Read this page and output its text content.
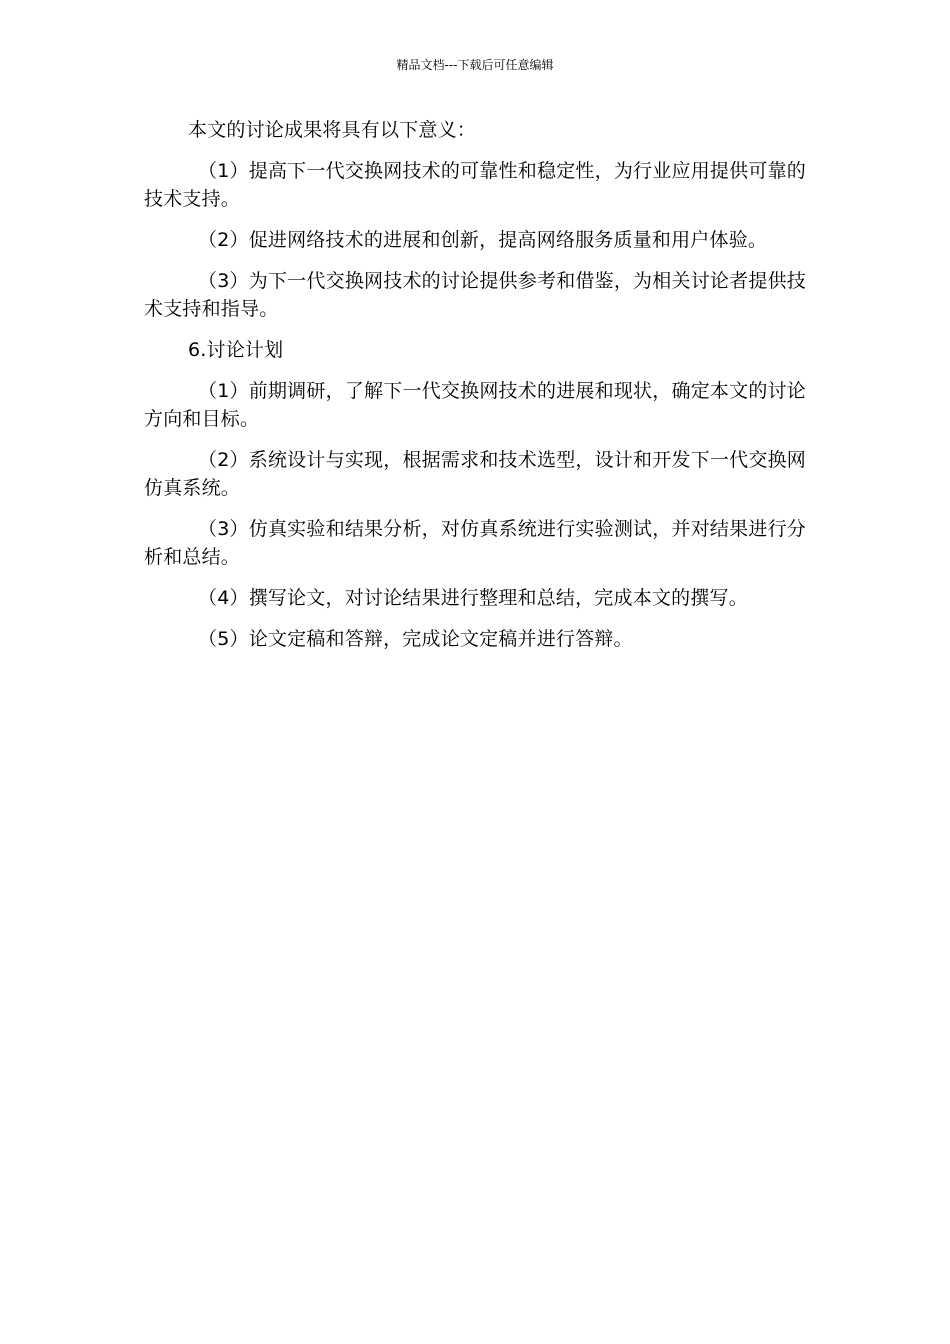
精品文档---下载后可任意编辑

本文的讨论成果将具有以下意义：

（1）提高下一代交换网技术的可靠性和稳定性，为行业应用提供可靠的技术支持。

（2）促进网络技术的进展和创新，提高网络服务质量和用户体验。

（3）为下一代交换网技术的讨论提供参考和借鉴，为相关讨论者提供技术支持和指导。

6.讨论计划

（1）前期调研，了解下一代交换网技术的进展和现状，确定本文的讨论方向和目标。

（2）系统设计与实现，根据需求和技术选型，设计和开发下一代交换网仿真系统。

（3）仿真实验和结果分析，对仿真系统进行实验测试，并对结果进行分析和总结。

（4）撰写论文，对讨论结果进行整理和总结，完成本文的撰写。

（5）论文定稿和答辩，完成论文定稿并进行答辩。
